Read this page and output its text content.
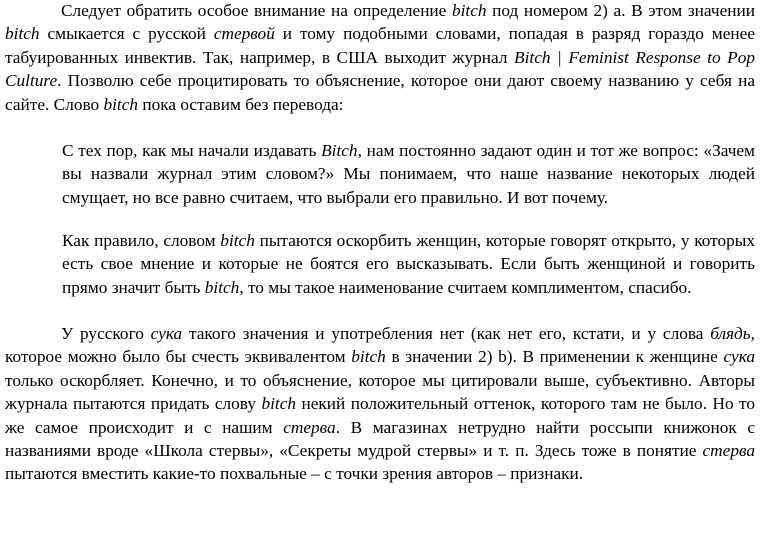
Следует обратить особое внимание на определение bitch под номером 2) a. В этом значении bitch смыкается с русской стервой и тому подобными словами, попадая в разряд гораздо менее табуированных инвектив. Так, например, в США выходит журнал Bitch | Feminist Response to Pop Culture. Позволю себе процитировать то объяснение, которое они дают своему названию у себя на сайте. Слово bitch пока оставим без перевода:

С тех пор, как мы начали издавать Bitch, нам постоянно задают один и тот же вопрос: «Зачем вы назвали журнал этим словом?» Мы понимаем, что наше название некоторых людей смущает, но все равно считаем, что выбрали его правильно. И вот почему.

Как правило, словом bitch пытаются оскорбить женщин, которые говорят открыто, у которых есть свое мнение и которые не боятся его высказывать. Если быть женщиной и говорить прямо значит быть bitch, то мы такое наименование считаем комплиментом, спасибо.

У русского сука такого значения и употребления нет (как нет его, кстати, и у слова блядь, которое можно было бы счесть эквивалентом bitch в значении 2) b). В применении к женщине сука только оскорбляет. Конечно, и то объяснение, которое мы цитировали выше, субъективно. Авторы журнала пытаются придать слову bitch некий положительный оттенок, которого там не было. Но то же самое происходит и с нашим стерва. В магазинах нетрудно найти россыпи книжонок с названиями вроде «Школа стервы», «Секреты мудрой стервы» и т. п. Здесь тоже в понятие стерва пытаются вместить какие-то похвальные – с точки зрения авторов – признаки.
